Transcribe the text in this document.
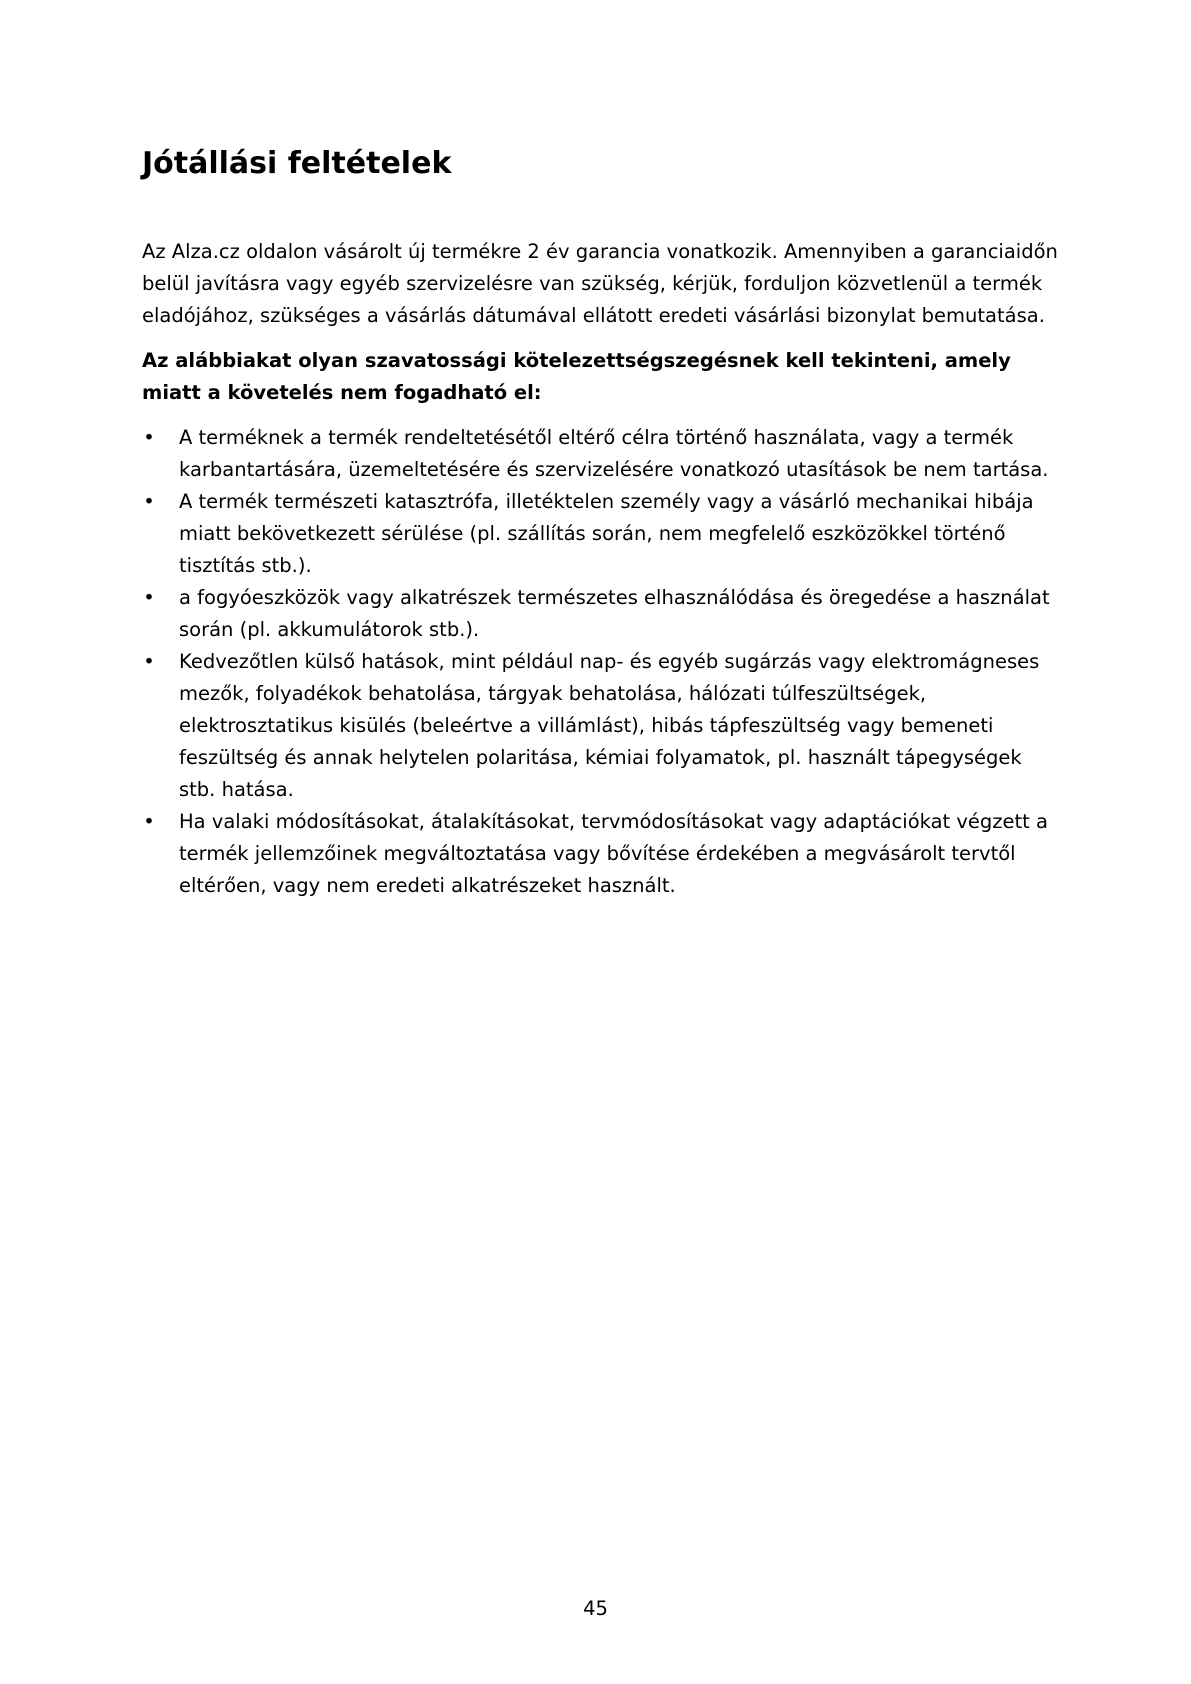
Jótállási feltételek

Az Alza.cz oldalon vásárolt új termékre 2 év garancia vonatkozik. Amennyiben a garanciaidőn belül javításra vagy egyéb szervizelésre van szükség, kérjük, forduljon közvetlenül a termék eladójához, szükséges a vásárlás dátumával ellátott eredeti vásárlási bizonylat bemutatása.

Az alábbiakat olyan szavatossági kötelezettségszegésnek kell tekinteni, amely miatt a követelés nem fogadható el:

• A terméknek a termék rendeltetésétől eltérő célra történő használata, vagy a termék karbantartására, üzemeltetésére és szervizelésére vonatkozó utasítások be nem tartása.
• A termék természeti katasztrófa, illetéktelen személy vagy a vásárló mechanikai hibája miatt bekövetkezett sérülése (pl. szállítás során, nem megfelelő eszközökkel történő tisztítás stb.).
• a fogyóeszközök vagy alkatrészek természetes elhasználódása és öregedése a használat során (pl. akkumulátorok stb.).
• Kedvezőtlen külső hatások, mint például nap- és egyéb sugárzás vagy elektromágneses mezők, folyadékok behatolása, tárgyak behatolása, hálózati túlfeszültségek, elektrosztatikus kisülés (beleértve a villámlást), hibás tápfeszültség vagy bemeneti feszültség és annak helytelen polaritása, kémiai folyamatok, pl. használt tápegységek stb. hatása.
• Ha valaki módosításokat, átalakításokat, tervmódosításokat vagy adaptációkat végzett a termék jellemzőinek megváltoztatása vagy bővítése érdekében a megvásárolt tervtől eltérően, vagy nem eredeti alkatrészeket használt.
45
